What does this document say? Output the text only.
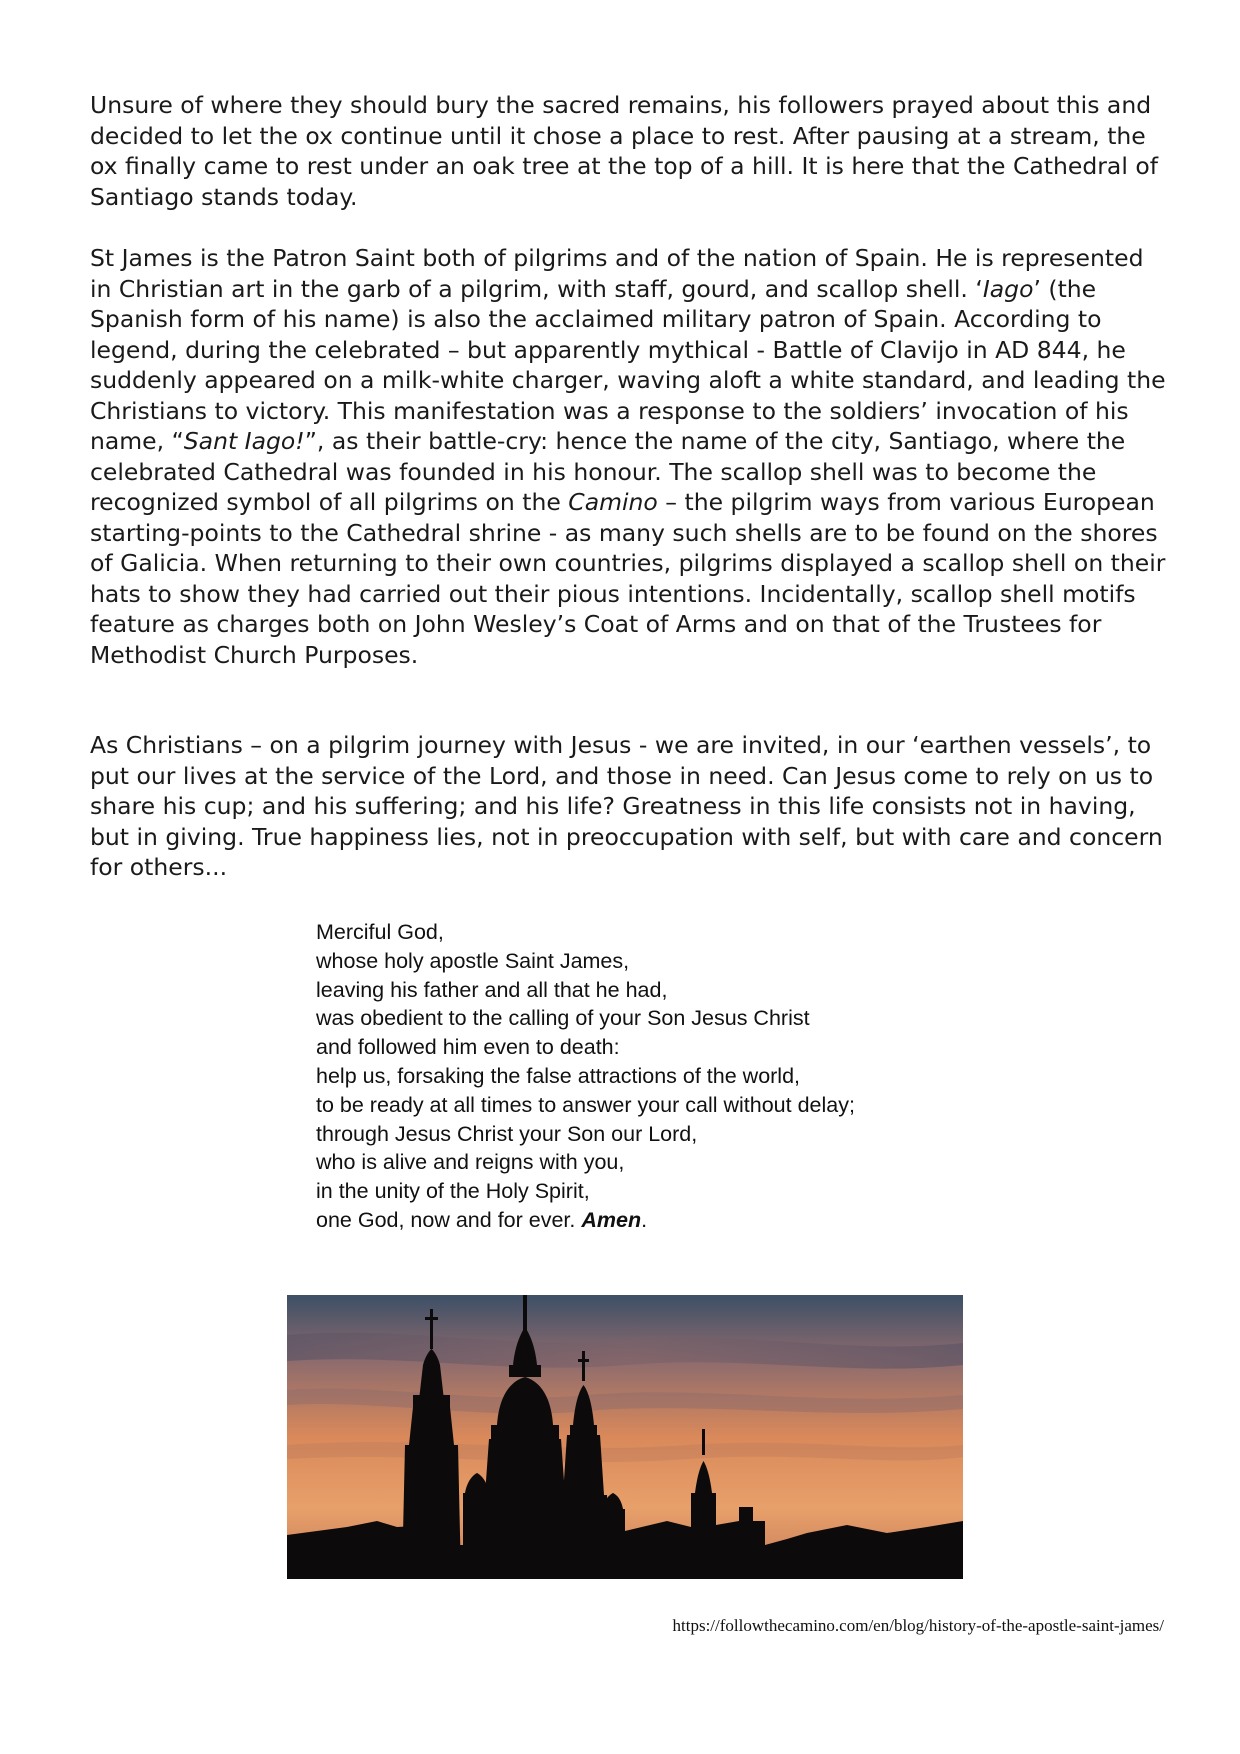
Unsure of where they should bury the sacred remains, his followers prayed about this and decided to let the ox continue until it chose a place to rest. After pausing at a stream, the ox finally came to rest under an oak tree at the top of a hill. It is here that the Cathedral of Santiago stands today.

St James is the Patron Saint both of pilgrims and of the nation of Spain. He is represented in Christian art in the garb of a pilgrim, with staff, gourd, and scallop shell. ‘Iago’ (the Spanish form of his name) is also the acclaimed military patron of Spain. According to legend, during the celebrated – but apparently mythical - Battle of Clavijo in AD 844, he suddenly appeared on a milk-white charger, waving aloft a white standard, and leading the Christians to victory. This manifestation was a response to the soldiers’ invocation of his name, “Sant Iago!”, as their battle-cry: hence the name of the city, Santiago, where the celebrated Cathedral was founded in his honour. The scallop shell was to become the recognized symbol of all pilgrims on the Camino – the pilgrim ways from various European starting-points to the Cathedral shrine - as many such shells are to be found on the shores of Galicia. When returning to their own countries, pilgrims displayed a scallop shell on their hats to show they had carried out their pious intentions. Incidentally, scallop shell motifs feature as charges both on John Wesley’s Coat of Arms and on that of the Trustees for Methodist Church Purposes.

As Christians – on a pilgrim journey with Jesus - we are invited, in our ‘earthen vessels’, to put our lives at the service of the Lord, and those in need. Can Jesus come to rely on us to share his cup; and his suffering; and his life? Greatness in this life consists not in having, but in giving. True happiness lies, not in preoccupation with self, but with care and concern for others...

Merciful God,
whose holy apostle Saint James,
leaving his father and all that he had,
was obedient to the calling of your Son Jesus Christ
and followed him even to death:
help us, forsaking the false attractions of the world,
to be ready at all times to answer your call without delay;
through Jesus Christ your Son our Lord,
who is alive and reigns with you,
in the unity of the Holy Spirit,
one God, now and for ever. Amen.
https://followthecamino.com/en/blog/history-of-the-apostle-saint-james/
